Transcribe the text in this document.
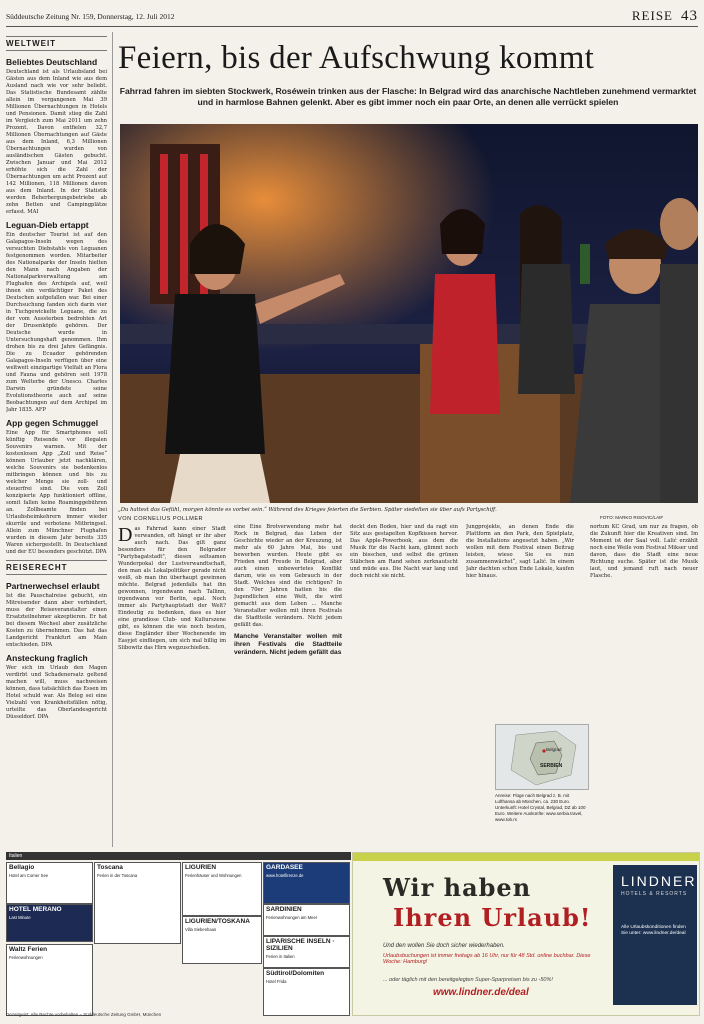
Süddeutsche Zeitung Nr. 159, Donnerstag, 12. Juli 2012	REISE 43
WELTWEIT
Beliebtes Deutschland
Deutschland ist als Urlaubsland bei Gästen aus dem Inland wie aus dem Ausland nach wie vor sehr beliebt. Das Statistische Bundesamt zählte allein im vergangenen Mai 39 Millionen Übernachtungen in Hotels und Pensionen. Damit stieg die Zahl im Vergleich zum Mai 2011 um zehn Prozent. Davon entfielen 32,7 Millionen Übernachtungen auf Gäste aus dem Inland, 6,3 Millionen Übernachtungen wurden von ausländischen Gästen gebucht. Zwischen Januar und Mai 2012 erhöhte sich die Zahl der Übernachtungen um acht Prozent auf 142 Millionen, 118 Millionen davon aus dem Inland. In der Statistik werden Beherbergungsbetriebe ab zehn Betten und Campingplätze erfasst. MAI
Leguan-Dieb ertappt
Ein deutscher Tourist ist auf den Galapagos-Inseln wegen des versuchten Diebstahls von Leguanen festgenommen worden. Mitarbeiter des Nationalparks der Inseln hielten den Mann nach Angaben der Nationalparkverwaltung am Flughafen des Archipels auf, weil ihnen ein verdächtiger Paket des Deutschen aufgefallen war. Bei einer Durchsuchung fanden sich darin vier in Tuchgewickelte Leguane, die zu der vom Aussterben bedrohten Art der Drusenköpfe gehören. Der Deutsche wurde in Untersuchungshaft genommen. Ihm drohen bis zu drei Jahre Gefängnis. Die zu Ecuador gehörenden Galapagos-Inseln verfügen über eine weltweit einzigartige Vielfalt an Flora und Fauna und gehören seit 1978 zum Welterbe der Unesco. Charles Darwin gründete seine Evolutionstheorie auch auf seine Beobachtungen auf dem Archipel im Jahr 1835. AFP
App gegen Schmuggel
Eine App für Smartphones soll künftig Reisende vor illegalen Souvenirs warnen. Mit der kostenlosen App „Zoll und Reise“ können Urlauber jetzt nachklären, welche Souvenirs sie bedenkenlos mitbringen können und bis zu welcher Menge sie zoll- und steuerfrei sind. Die vom Zoll konzipierte App funktioniert offline, somit fallen keine Roaminggebühren an. Zollbeamte finden bei Urlaubsheimkehrern immer wieder skurrile und verbotene Mitbringsel. Allein zum Münchner Flughafen wurden in diesem Jahr bereits 335 Waren sichergestellt. In Deutschland und der EU besonders geschützt. DPA
REISERECHT
Partnerwechsel erlaubt
Ist die Pauschalreise gebucht, ein Mitreisender dann aber verhindert, muss der Reiseveranstalter einen Ersatzteilnehmer akzeptieren. Er hat bei diesem Wechsel aber zusätzliche Kosten zu übernehmen. Das hat das Landgericht Frankfurt am Main entschieden. DPA
Ansteckung fraglich
Wer sich im Urlaub den Magen verdirbt und Schadenersatz geltend machen will, muss nachweisen können, dass tatsächlich das Essen im Hotel schuld war. Als Beleg sei eine Vielzahl von Krankheitsfällen nötig, urteilte das Oberlandesgericht Düsseldorf. DPA
Feiern, bis der Aufschwung kommt
Fahrrad fahren im siebten Stockwerk, Roséwein trinken aus der Flasche: In Belgrad wird das anarchische Nachtleben zunehmend vermarktet und in harmlose Bahnen gelenkt. Aber es gibt immer noch ein paar Orte, an denen alle verrückt spielen
„Du hattest das Gefühl, morgen könnte es vorbei sein.“ Während des Krieges feierten die Serbien. Später siedelten sie über aufs Partyschiff.
FOTO: MARKO RISOVIC/LAIF
VON CORNELIUS POLLMER
D as Fahrrad kann einer Stadt verwanden, oft hängt er ihr aber auch nach. Das gilt ganz besonders für den Belgrader "Partybagatstadt", diesen seltsamen Wunderpokal der Lustverwandtschaft, den man als Lokalpolitiker gerade nicht weiß, ob man ihn überhaupt gewinnen möchte. Belgrad jedenfalls hat ihn gewonnen, irgendwann nach Tallinn, irgendwann vor Berlin, egal. Noch immer als Partyhauptstadt der Welt? Eindeutig zu bedenken, dass es hier eine grandiose Club- und Kulturszene gibt, es können die wie noch besten, diese Engländer über Wochenende im Easyjet einfliegen, um sich mal billig im Slibowitz das Hirn wegzuschießen.
eine Eine Brotverwendung mehr hat Rock in Belgrad, das Leben der Geschichte wieder an der Kreuzung, ist mehr als 60 Jahre Mal, bis und bewerben wurden. Heute gibt es Frieden und Freude in Belgrad, aber auch einen unbewertetes Konflikt darum, wie es vom Gebrauch in der Stadt. Welches sind die richtigen? In den 70er Jahren hatten bis die Jugendlichen eine Welt, die wird gemacht aus dem Leben ... Manche Veranstalter wollen mit ihren Festivals die Stadtteile verändern. Nicht jedem gefällt das.
Manche Veranstalter wollen mit ihren Festivals die Stadtteile verändern. Nicht jedem gefällt das
deckt den Boden, hier und da ragt ein Sitz aus gestapelten Kopfkissen hervor. Das Apple-Powerbook, aus dem die Musik für die Nacht kam, glimmt noch ein bisschen, und selbst die grünen Stäbchen am Rand sehen zerknautscht und müde aus. Die Nacht war lang und doch reicht sie nicht.
Jungprojekte, an denen Ende die Plattform an den Park, den Spielplatz, die Installations angesetzt haben. „Wir wollen mit dem Festival einen Beitrag leisten, wieso Sie es nun zusammenwächst“, sagt Lalić. In einem Jahr dachten schon Ende Lokale, kaufen hier hinaus.
nortum KC Grad, um nur zu fragen, ob die Zukunft hier die Kreativen sind. Im Moment ist der Saal voll. Lalić erzählt noch eine Weile vom Festival Mikser und davon, dass die Stadt eine neue Richtung suche. Später ist die Musik laut, und jemand ruft nach neuer Flasche.
Belgrad
SERBIEN
Anreise: Flüge nach Belgrad z. B. mit Lufthansa ab München, ca. 230 Euro. Unterkunft: Hotel Crystal, Belgrad, DZ ab 100 Euro. Weitere Auskünfte: www.serbia.travel, www.tob.rs
Italien
Bellagio
Hotel am Comer See
HOTEL MERANO
Last Minute
Toscana
Ferien in der Toscana
LIGURIEN
Ferienhäuser und Wohnungen
GARDASEE
www.hotelfirenze.de
SARDINIEN
Ferienwohnungen am Meer
Waltz Ferien
Ferienwohnungen
LIGURIEN/TOSKANA
Villa Siebenhaus
LIPARISCHE INSELN · SIZILIEN
Ferien in Italien
Südtirol/Dolomiten
Hotel Frida
Wir haben
Ihren Urlaub!
Und den wollen Sie doch sicher wiederhaben.
Urlaubsbuchungen ist immer freitags ab 16 Uhr, nur für 48 Std. online buchbar. Diese Woche: Hamburg!
... oder täglich mit den bereitgelegten Super-Sparpreisen bis zu -50%!
www.lindner.de/deal
LINDNER
HOTELS & RESORTS
Alle Urlaubskonditionen finden Sie unter: www.lindner.de/deal
Dezeitgeist: Alle Rechte vorbehalten – Süddeutsche Zeitung GmbH, München
